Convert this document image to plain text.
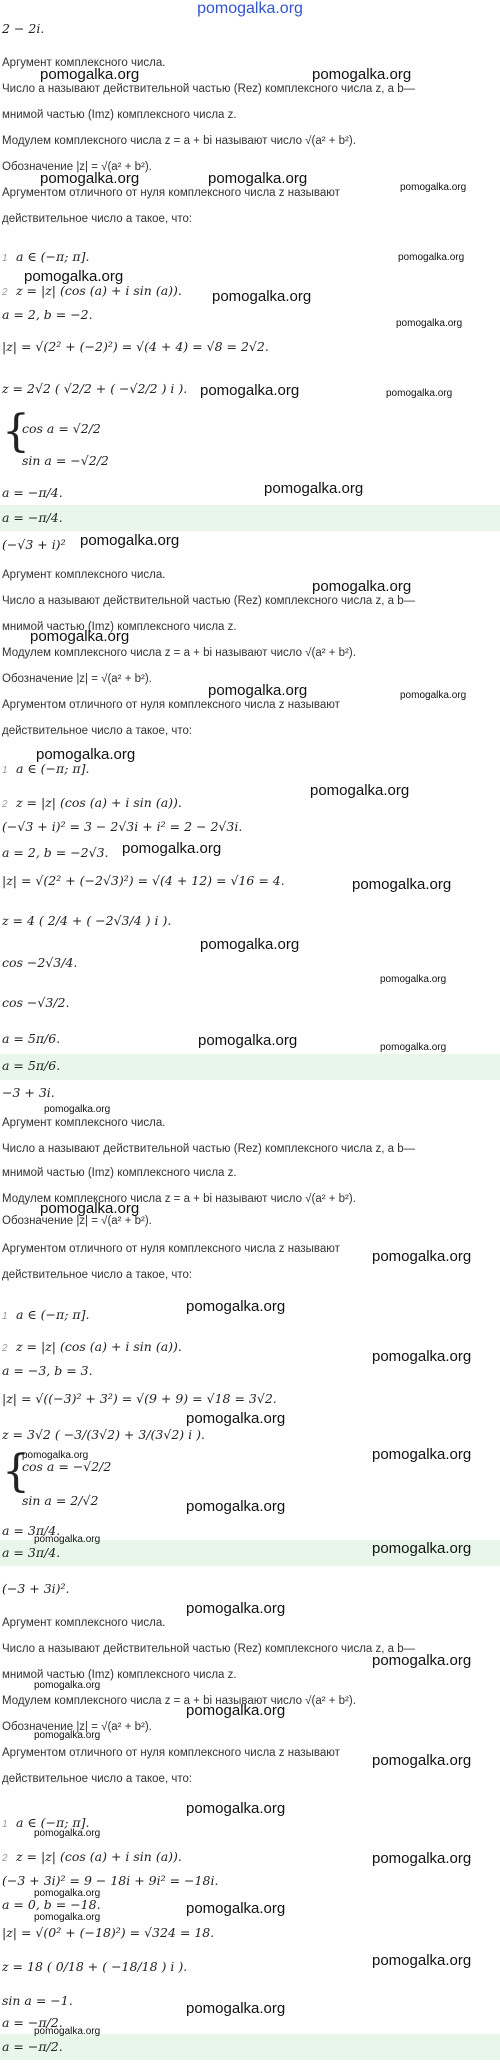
pomogalka.org
2 − 2i.
Аргумент комплексного числа.
Число a называют действительной частью (Rez) комплексного числа z, а b—
мнимой частью (Imz) комплексного числа z.
Модулем комплексного числа z = a + bi называют число √(a² + b²).
Обозначение |z| = √(a² + b²).
Аргументом отличного от нуля комплексного числа z называют
действительное число a такое, что:
1 a ∈ (−π; π].
2 z = |z| (cos (a) + i sin (a)).
a = 2, b = −2.
|z| = √(2² + (−2)²) = √(4 + 4) = √8 = 2√2.
z = 2√2 ( √2/2 + ( −√2/2 ) i ).
{
cos a = √2/2
sin a = −√2/2
a = −π/4.
a = −π/4.
(−√3 + i)²
Аргумент комплексного числа.
Число a называют действительной частью (Rez) комплексного числа z, а b—
мнимой частью (Imz) комплексного числа z.
Модулем комплексного числа z = a + bi называют число √(a² + b²).
Обозначение |z| = √(a² + b²).
Аргументом отличного от нуля комплексного числа z называют
действительное число a такое, что:
1 a ∈ (−π; π].
2 z = |z| (cos (a) + i sin (a)).
(−√3 + i)² = 3 − 2√3i + i² = 2 − 2√3i.
a = 2, b = −2√3.
|z| = √(2² + (−2√3)²) = √(4 + 12) = √16 = 4.
z = 4 ( 2/4 + ( −2√3/4 ) i ).
cos −2√3/4.
cos −√3/2.
a = 5π/6.
a = 5π/6.
−3 + 3i.
Аргумент комплексного числа.
Число a называют действительной частью (Rez) комплексного числа z, а b—
мнимой частью (Imz) комплексного числа z.
Модулем комплексного числа z = a + bi называют число √(a² + b²).
Обозначение |z| = √(a² + b²).
Аргументом отличного от нуля комплексного числа z называют
действительное число a такое, что:
1 a ∈ (−π; π].
2 z = |z| (cos (a) + i sin (a)).
a = −3, b = 3.
|z| = √((−3)² + 3²) = √(9 + 9) = √18 = 3√2.
z = 3√2 ( −3/(3√2) + 3/(3√2) i ).
{
cos a = −√2/2
sin a = 2/√2
a = 3π/4.
a = 3π/4.
(−3 + 3i)².
Аргумент комплексного числа.
Число a называют действительной частью (Rez) комплексного числа z, а b—
мнимой частью (Imz) комплексного числа z.
Модулем комплексного числа z = a + bi называют число √(a² + b²).
Обозначение |z| = √(a² + b²).
Аргументом отличного от нуля комплексного числа z называют
действительное число a такое, что:
1 a ∈ (−π; π].
2 z = |z| (cos (a) + i sin (a)).
(−3 + 3i)² = 9 − 18i + 9i² = −18i.
a = 0, b = −18.
|z| = √(0² + (−18)²) = √324 = 18.
z = 18 ( 0/18 + ( −18/18 ) i ).
sin a = −1.
a = −π/2.
a = −π/2.
pomogalka.org	pomogalka.org
pomogalka.org	pomogalka.org
pomogalka.org
pomogalka.org
pomogalka.org
pomogalka.org
pomogalka.org
pomogalka.org	pomogalka.org
pomogalka.org
pomogalka.org
pomogalka.org
pomogalka.org
pomogalka.org	pomogalka.org
pomogalka.org
pomogalka.org
pomogalka.org
pomogalka.org
pomogalka.org
pomogalka.org
pomogalka.org	pomogalka.org
pomogalka.org
pomogalka.org
pomogalka.org
pomogalka.org
pomogalka.org
pomogalka.org
pomogalka.org	pomogalka.org
pomogalka.org
pomogalka.org
pomogalka.org
pomogalka.org
pomogalka.org
pomogalka.org
pomogalka.org
pomogalka.org
pomogalka.org
pomogalka.org
pomogalka.org
pomogalka.org
pomogalka.org
pomogalka.org
pomogalka.org
pomogalka.org
pomogalka.org
pomogalka.org
